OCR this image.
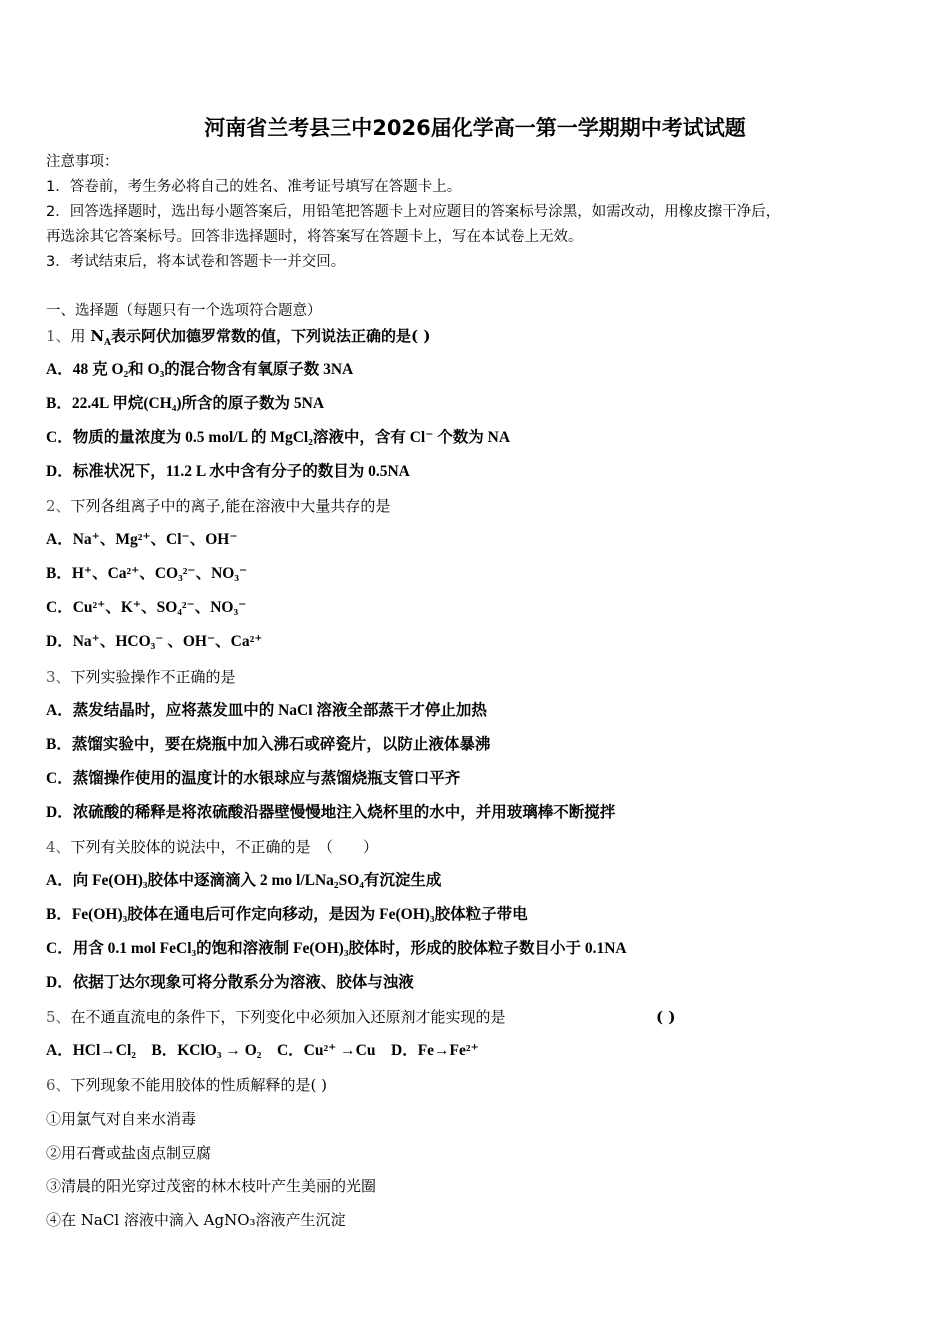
河南省兰考县三中2026届化学高一第一学期期中考试试题
注意事项：
1．答卷前，考生务必将自己的姓名、准考证号填写在答题卡上。
2．回答选择题时，选出每小题答案后，用铅笔把答题卡上对应题目的答案标号涂黑，如需改动，用橡皮擦干净后，
再选涂其它答案标号。回答非选择题时，将答案写在答题卡上，写在本试卷上无效。
3．考试结束后，将本试卷和答题卡一并交回。
一、选择题（每题只有一个选项符合题意）
1、用 $N_A$表示阿伏加德罗常数的值，下列说法正确的是( )
A．48 克 O₂和 O₃的混合物含有氧原子数 3NA
B．22.4L 甲烷(CH₄)所含的原子数为 5NA
C．物质的量浓度为 0.5 mol/L 的 MgCl₂溶液中，含有 Cl⁻ 个数为 NA
D．标准状况下，11.2 L 水中含有分子的数目为 0.5NA
2、下列各组离子中的离子,能在溶液中大量共存的是
A．Na⁺、Mg²⁺、Cl⁻、OH⁻
B．H⁺、Ca²⁺、CO₃²⁻、NO₃⁻
C．Cu²⁺、K⁺、SO₄²⁻、NO₃⁻
D．Na⁺、HCO₃⁻ 、OH⁻、Ca²⁺
3、下列实验操作不正确的是
A．蒸发结晶时，应将蒸发皿中的 NaCl 溶液全部蒸干才停止加热
B．蒸馏实验中，要在烧瓶中加入沸石或碎瓷片，以防止液体暴沸
C．蒸馏操作使用的温度计的水银球应与蒸馏烧瓶支管口平齐
D．浓硫酸的稀释是将浓硫酸沿器壁慢慢地注入烧杯里的水中，并用玻璃棒不断搅拌
4、下列有关胶体的说法中，不正确的是　（　　）
A．向 Fe(OH)₃胶体中逐滴滴入 2 mo l/LNa₂SO₄有沉淀生成
B．Fe(OH)₃胶体在通电后可作定向移动，是因为 Fe(OH)₃胶体粒子带电
C．用含 0.1 mol FeCl₃的饱和溶液制 Fe(OH)₃胶体时，形成的胶体粒子数目小于 0.1NA
D．依据丁达尔现象可将分散系分为溶液、胶体与浊液
5、在不通直流电的条件下，下列变化中必须加入还原剂才能实现的是	( )
A．HCl→Cl₂ B．KClO₃ → O₂ C．Cu²⁺ →Cu D．Fe→Fe²⁺
6、下列现象不能用胶体的性质解释的是( )
①用氯气对自来水消毒
②用石膏或盐卤点制豆腐
③清晨的阳光穿过茂密的林木枝叶产生美丽的光圈
④在 NaCl 溶液中滴入 AgNO₃溶液产生沉淀
